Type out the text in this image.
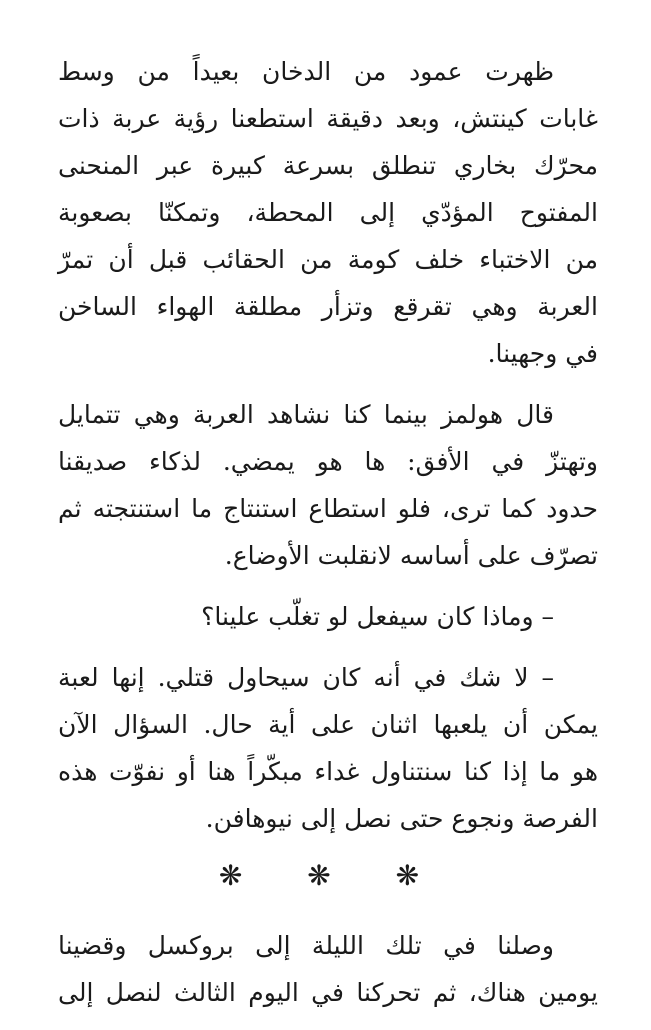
ظهرت عمود من الدخان بعيداً من وسط
غابات كينتش، وبعد دقيقة استطعنا رؤية عربة ذات
محرّك بخاري تنطلق بسرعة كبيرة عبر المنحنى
المفتوح المؤدّي إلى المحطة، وتمكنّا بصعوبة
من الاختباء خلف كومة من الحقائب قبل أن تمرّ
العربة وهي تقرقع وتزأر مطلقة الهواء الساخن
في وجهينا.

قال هولمز بينما كنا نشاهد العربة وهي تتمايل
وتهتزّ في الأفق: ها هو يمضي. لذكاء صديقنا
حدود كما ترى، فلو استطاع استنتاج ما استنتجته ثم
تصرّف على أساسه لانقلبت الأوضاع.

– وماذا كان سيفعل لو تغلّب علينا؟

– لا شك في أنه كان سيحاول قتلي. إنها لعبة
يمكن أن يلعبها اثنان على أية حال. السؤال الآن
هو ما إذا كنا سنتناول غداء مبكّراً هنا أو نفوّت هذه
الفرصة ونجوع حتى نصل إلى نيوهافن.

❋ ❋ ❋

وصلنا في تلك الليلة إلى بروكسل وقضينا
يومين هناك، ثم تحركنا في اليوم الثالث لنصل إلى
